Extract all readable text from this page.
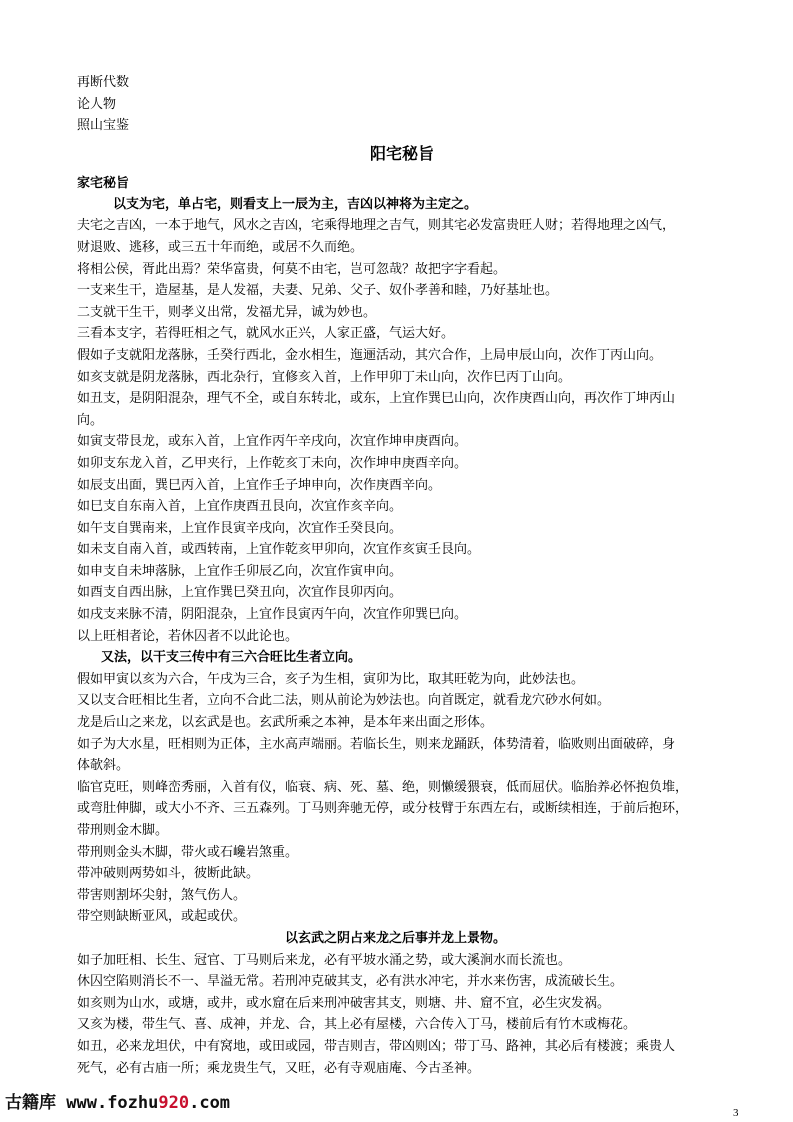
再断代数
论人物
照山宝鉴
阳宅秘旨
家宅秘旨
以支为宅，单占宅，则看支上一辰为主，吉凶以神将为主定之。
夫宅之吉凶，一本于地气，风水之吉凶，宅乘得地理之吉气，则其宅必发富贵旺人财；若得地理之凶气，
财退败、逃移，或三五十年而绝，或居不久而绝。
将相公侯，胥此出焉？荣华富贵，何莫不由宅，岂可忽哉？故把字字看起。
一支来生干，造屋基，是人发福，夫妻、兄弟、父子、奴仆孝善和睦，乃好基址也。
二支就干生干，则孝义出常，发福尤异，诚为妙也。
三看本支字，若得旺相之气，就风水正兴，人家正盛，气运大好。
假如子支就阳龙落脉，壬癸行西北，金水相生，迤逦活动，其穴合作，上局申辰山向，次作丁丙山向。
如亥支就是阴龙落脉，西北杂行，宜修亥入首，上作甲卯丁未山向，次作巳丙丁山向。
如丑支，是阴阳混杂，理气不全，或自东转北，或东，上宜作巽巳山向，次作庚酉山向，再次作丁坤丙山
向。
如寅支带艮龙，或东入首，上宜作丙午辛戌向，次宜作坤申庚酉向。
如卯支东龙入首，乙甲夹行，上作乾亥丁未向，次作坤申庚酉辛向。
如辰支出面，巽巳丙入首，上宜作壬子坤申向，次作庚酉辛向。
如巳支自东南入首，上宜作庚酉丑艮向，次宜作亥辛向。
如午支自巽南来，上宜作艮寅辛戌向，次宜作壬癸艮向。
如未支自南入首，或西转南，上宜作乾亥甲卯向，次宜作亥寅壬艮向。
如申支自未坤落脉，上宜作壬卯辰乙向，次宜作寅申向。
如酉支自西出脉，上宜作巽巳癸丑向，次宜作艮卯丙向。
如戌支来脉不清，阴阳混杂，上宜作艮寅丙午向，次宜作卯巽巳向。
以上旺相者论，若休囚者不以此论也。
又法，以干支三传中有三六合旺比生者立向。
假如甲寅以亥为六合，午戌为三合，亥子为生相，寅卯为比，取其旺乾为向，此妙法也。
又以支合旺相比生者，立向不合此二法，则从前论为妙法也。向首既定，就看龙穴砂水何如。
龙是后山之来龙，以玄武是也。玄武所乘之本神，是本年来出面之形体。
如子为大水星，旺相则为正体，主水高声端丽。若临长生，则来龙踊跃，体势清着，临败则出面破碎，身
体欹斜。
临官克旺，则峰峦秀丽，入首有仪，临衰、病、死、墓、绝，则懒缓猥衰，低而屈伏。临胎养必怀抱负堆，
或弯肚伸脚，或大小不齐、三五森列。丁马则奔驰无停，或分枝臂于东西左右，或断续相连，于前后抱环，
带刑则金木脚。
带刑则金头木脚，带火或石巉岩煞重。
带冲破则两势如斗，彼断此缺。
带害则割坏尖射，煞气伤人。
带空则缺断亚风，或起或伏。
以玄武之阴占来龙之后事并龙上景物。
如子加旺相、长生、冠官、丁马则后来龙，必有平坡水涌之势，或大溪涧水而长流也。
休囚空陷则消长不一、旱溢无常。若刑冲克破其支，必有洪水冲宅，并水来伤害，成流破长生。
如亥则为山水，或塘，或井，或水窟在后来刑冲破害其支，则塘、井、窟不宜，必生灾发祸。
又亥为楼，带生气、喜、成神，并龙、合，其上必有屋楼，六合传入丁马，楼前后有竹木或梅花。
如丑，必来龙坦伏，中有窝地，或田或园，带吉则吉，带凶则凶；带丁马、路神，其必后有楼渡；乘贵人
死气，必有古庙一所；乘龙贵生气，又旺，必有寺观庙庵、今古圣神。
古籍库 www.fozhu920.com	3
